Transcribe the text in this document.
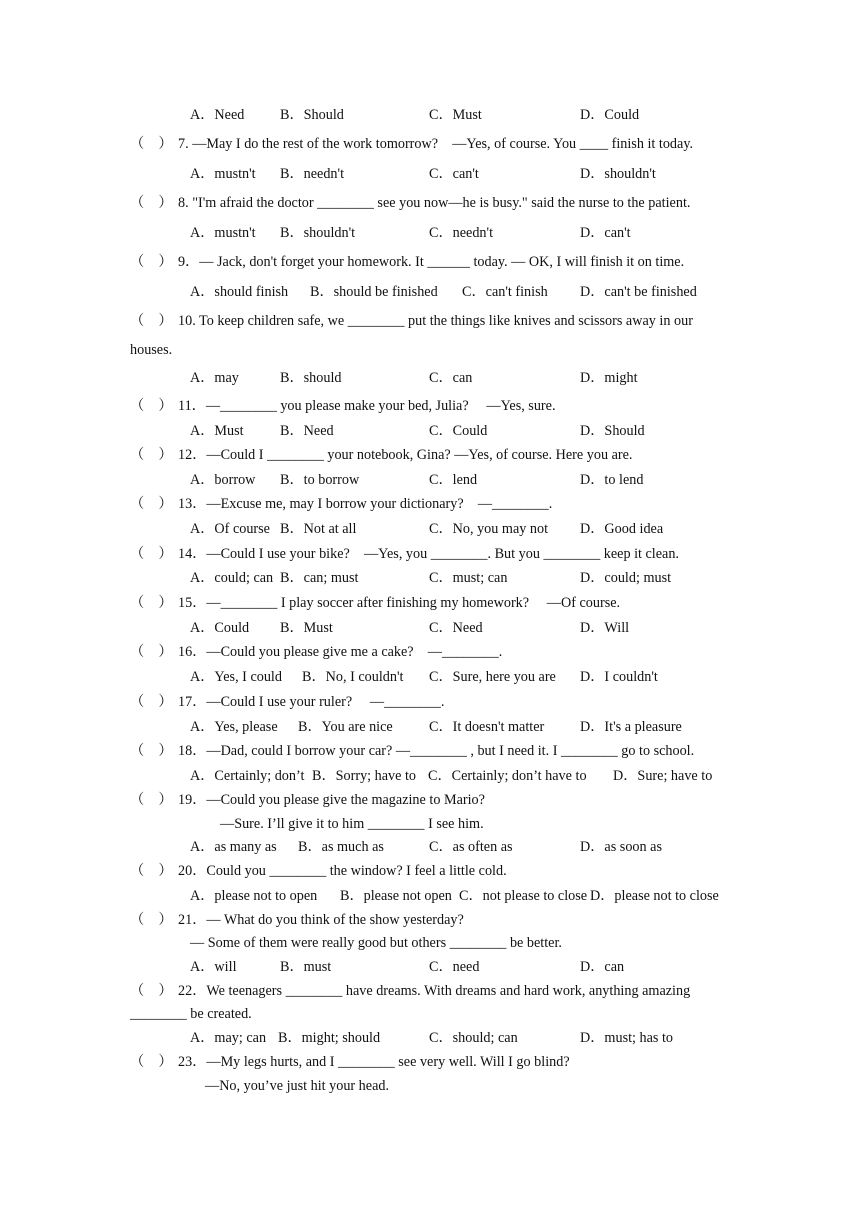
A．Need	B．Should	C．Must	D．Could
（　） 7. —May I do the rest of the work tomorrow?　—Yes, of course. You ____ finish it today.
A．mustn't B．needn't	C．can't	D．shouldn't
（　） 8. "I'm afraid the doctor ________ see you now—he is busy." said the nurse to the patient.
A．mustn't B．shouldn't	C．needn't	D．can't
（　） 9．— Jack, don't forget your homework. It ______ today. — OK, I will finish it on time.
A．should finish B．should be finished C．can't finish D．can't be finished
（　） 10. To keep children safe, we ________ put the things like knives and scissors away in our
houses.
A．may	B．should	C．can	D．might
（　） 11．—________ you please make your bed, Julia?　 —Yes, sure.
A．Must	B．Need	C．Could	D．Should
（　） 12．—Could I ________ your notebook, Gina? —Yes, of course. Here you are.
A．borrow B．to borrow	C．lend	D．to lend
（　） 13．—Excuse me, may I borrow your dictionary?　—________.
A．Of course B．Not at all	C．No, you may not D．Good idea
（　） 14．—Could I use your bike?　—Yes, you ________. But you ________ keep it clean.
A．could; can B．can; must	C．must; can	D．could; must
（　） 15．—________ I play soccer after finishing my homework?　 —Of course.
A．Could B．Must	C．Need	D．Will
（　） 16．—Could you please give me a cake?　—________.
A．Yes, I could B．No, I couldn't C．Sure, here you are D．I couldn't
（　） 17．—Could I use your ruler?　 —________.
A．Yes, please B．You are nice	C．It doesn't matter	D．It's a pleasure
（　） 18．—Dad, could I borrow your car? —________ , but I need it. I ________ go to school.
A．Certainly; don’t B．Sorry; have to C．Certainly; don’t have to D．Sure; have to
（　） 19．—Could you please give the magazine to Mario?
—Sure. I’ll give it to him ________ I see him.
A．as many as B．as much as	C．as often as	D．as soon as
（　） 20．Could you ________ the window? I feel a little cold.
A．please not to open B．please not open C．not please to close D．please not to close
（　） 21．— What do you think of the show yesterday?
— Some of them were really good but others ________ be better.
A．will	B．must	C．need	D．can
（　） 22．We teenagers ________ have dreams. With dreams and hard work, anything amazing
________ be created.
A．may; can B．might; should	C．should; can	D．must; has to
（　） 23．—My legs hurts, and I ________ see very well. Will I go blind?
—No, you’ve just hit your head.
